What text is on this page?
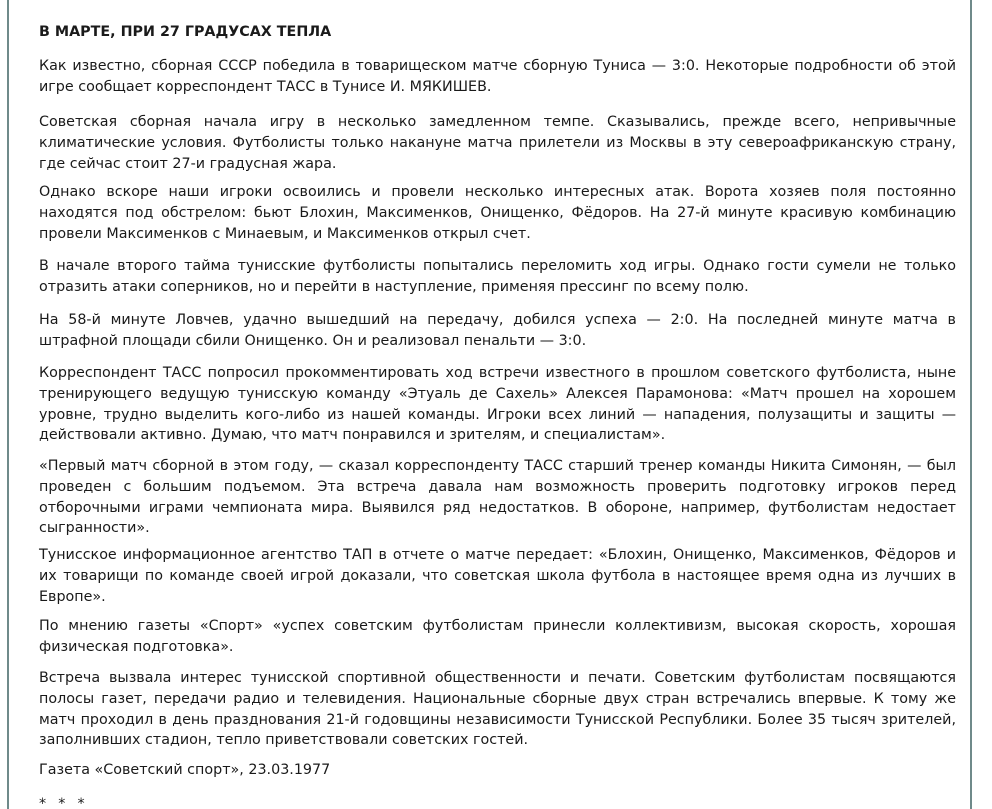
В МАРТЕ, ПРИ 27 ГРАДУСАХ ТЕПЛА

Как известно, сборная СССР победила в товарищеском матче сборную Туниса — 3:0. Некоторые подробности об этой игре сообщает корреспондент ТАСС в Тунисе И. МЯКИШЕВ.

Советская сборная начала игру в несколько замедленном темпе. Сказывались, прежде всего, непривычные климатические условия. Футболисты только накануне матча прилетели из Москвы в эту североафриканскую страну, где сейчас стоит 27-и градусная жара.

Однако вскоре наши игроки освоились и провели несколько интересных атак. Ворота хозяев поля постоянно находятся под обстрелом: бьют Блохин, Максименков, Онищенко, Фёдоров. На 27-й минуте красивую комбинацию провели Максименков с Минаевым, и Максименков открыл счет.

В начале второго тайма тунисские футболисты попытались переломить ход игры. Однако гости сумели не только отразить атаки соперников, но и перейти в наступление, применяя прессинг по всему полю.

На 58-й минуте Ловчев, удачно вышедший на передачу, добился успеха — 2:0. На последней минуте матча в штрафной площади сбили Онищенко. Он и реализовал пенальти — 3:0.

Корреспондент ТАСС попросил прокомментировать ход встречи известного в прошлом советского футболиста, ныне тренирующего ведущую тунисскую команду «Этуаль де Сахель» Алексея Парамонова: «Матч прошел на хорошем уровне, трудно выделить кого-либо из нашей команды. Игроки всех линий — нападения, полузащиты и защиты — действовали активно. Думаю, что матч понравился и зрителям, и специалистам».

«Первый матч сборной в этом году, — сказал корреспонденту ТАСС старший тренер команды Никита Симонян, — был проведен с большим подъемом. Эта встреча давала нам возможность проверить подготовку игроков перед отборочными играми чемпионата мира. Выявился ряд недостатков. В обороне, например, футболистам недостает сыгранности».

Тунисское информационное агентство ТАП в отчете о матче передает: «Блохин, Онищенко, Максименков, Фёдоров и их товарищи по команде своей игрой доказали, что советская школа футбола в настоящее время одна из лучших в Европе».

По мнению газеты «Спорт» «успех советским футболистам принесли коллективизм, высокая скорость, хорошая физическая подготовка».

Встреча вызвала интерес тунисской спортивной общественности и печати. Советским футболистам посвящаются полосы газет, передачи радио и телевидения. Национальные сборные двух стран встречались впервые. К тому же матч проходил в день празднования 21-й годовщины независимости Тунисской Республики. Более 35 тысяч зрителей, заполнивших стадион, тепло приветствовали советских гостей.

Газета «Советский спорт», 23.03.1977

*  *  *
